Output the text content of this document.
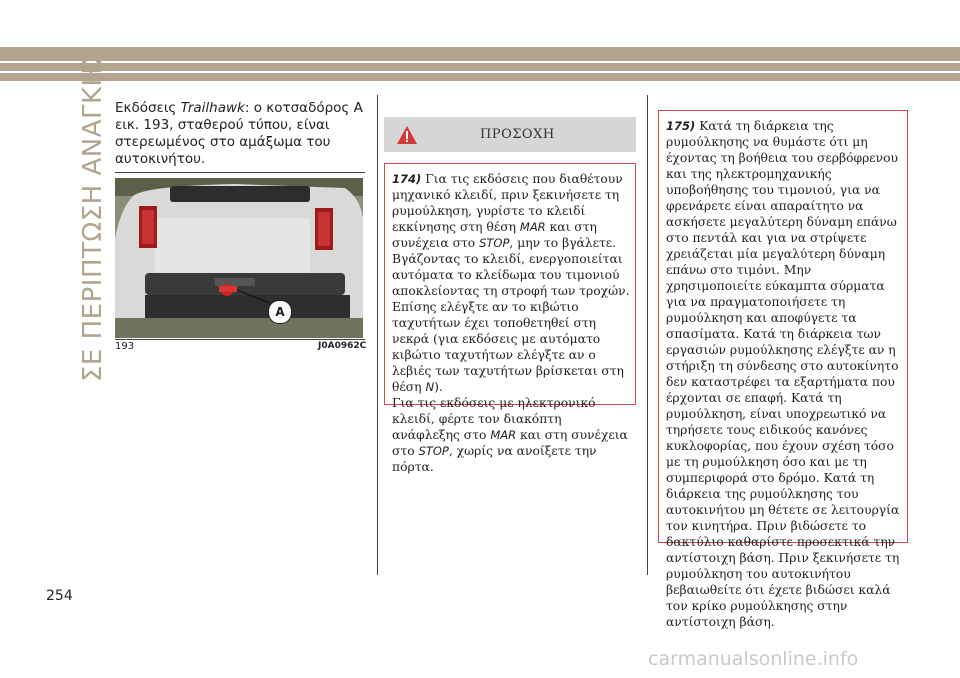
ΣΕ ΠΕΡΙΠΤΩΣΗ ΑΝΑΓΚΗΣ Εκδόσεις Trailhawk: ο κοτσαδόρος A εικ. 193, σταθερού τύπου, είναι στερεωμένος στο αμάξωμα του αυτοκινήτου.
A
193	J0A0962C
ΠΡΟΣΟΧΗ
174) Για τις εκδόσεις που διαθέτουν μηχανικό κλειδί, πριν ξεκινήσετε τη ρυμούλκηση, γυρίστε το κλειδί εκκίνησης στη θέση MAR και στη συνέχεια στο STOP, μην το βγάλετε. Βγάζοντας το κλειδί, ενεργοποιείται αυτόματα το κλείδωμα του τιμονιού αποκλείοντας τη στροφή των τροχών. Επίσης ελέγξτε αν το κιβώτιο ταχυτήτων έχει τοποθετηθεί στη νεκρά (για εκδόσεις με αυτόματο κιβώτιο ταχυτήτων ελέγξτε αν ο λεβιές των ταχυτήτων βρίσκεται στη θέση N).
Για τις εκδόσεις με ηλεκτρονικό κλειδί, φέρτε τον διακόπτη ανάφλεξης στο MAR και στη συνέχεια στο STOP, χωρίς να ανοίξετε την πόρτα.
175) Κατά τη διάρκεια της ρυμούλκησης να θυμάστε ότι μη έχοντας τη βοήθεια του σερβόφρενου και της ηλεκτρομηχανικής υποβοήθησης του τιμονιού, για να φρενάρετε είναι απαραίτητο να ασκήσετε μεγαλύτερη δύναμη επάνω στο πεντάλ και για να στρίψετε χρειάζεται μία μεγαλύτερη δύναμη επάνω στο τιμόνι. Μην χρησιμοποιείτε εύκαμπτα σύρματα για να πραγματοποιήσετε τη ρυμούλκηση και αποφύγετε τα σπασίματα. Κατά τη διάρκεια των εργασιών ρυμούλκησης ελέγξτε αν η στήριξη τη σύνδεσης στο αυτοκίνητο δεν καταστρέφει τα εξαρτήματα που έρχονται σε επαφή. Κατά τη ρυμούλκηση, είναι υποχρεωτικό να τηρήσετε τους ειδικούς κανόνες κυκλοφορίας, που έχουν σχέση τόσο με τη ρυμούλκηση όσο και με τη συμπεριφορά στο δρόμο. Κατά τη διάρκεια της ρυμούλκησης του αυτοκινήτου μη θέτετε σε λειτουργία τον κινητήρα. Πριν βιδώσετε το δακτύλιο καθαρίστε προσεκτικά την αντίστοιχη βάση. Πριν ξεκινήσετε τη ρυμούλκηση του αυτοκινήτου βεβαιωθείτε ότι έχετε βιδώσει καλά τον κρίκο ρυμούλκησης στην αντίστοιχη βάση.
254
carmanualsonline.info
